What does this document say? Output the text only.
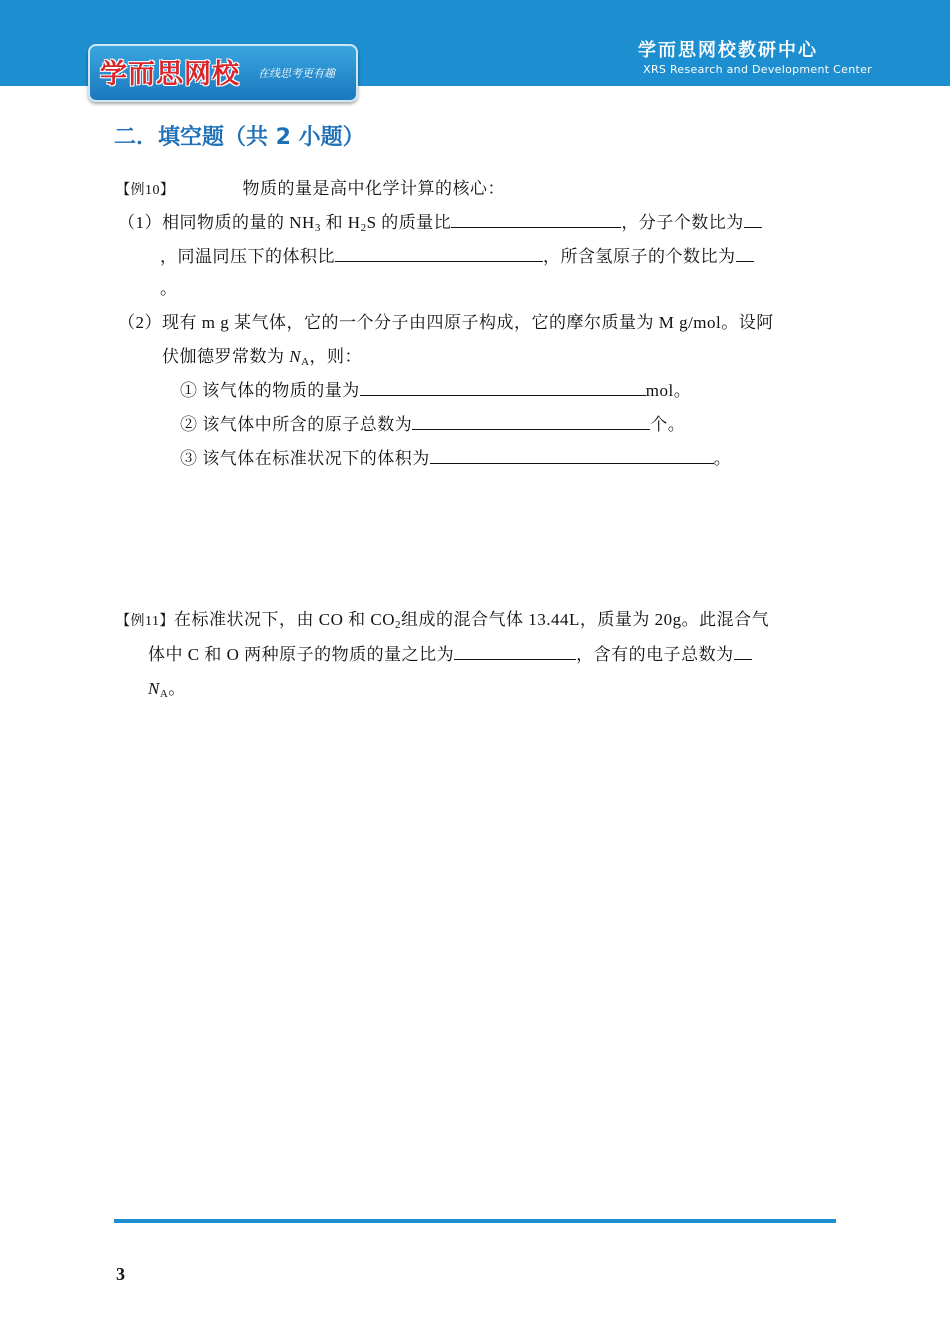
学而思网校 在线思考更有趣
学而思网校教研中心
XRS Research and Development Center
二．填空题（共 2 小题）
【例10】	物质的量是高中化学计算的核心：
（1）相同物质的量的 $NH_3$ 和 $H_2S$ 的质量比	，分子个数比为
，同温同压下的体积比	，所含氢原子的个数比为
。
（2）现有 m g 某气体，它的一个分子由四原子构成，它的摩尔质量为 M g/mol。设阿
伏伽德罗常数为 $N_A$，则：
① 该气体的物质的量为	mol。
② 该气体中所含的原子总数为	个。
③ 该气体在标准状况下的体积为	。
【例11】在标准状况下，由 CO 和 $CO_2$组成的混合气体 13.44L，质量为 20g。此混合气
体中 C 和 O 两种原子的物质的量之比为	，含有的电子总数为
$N_A$。
3
